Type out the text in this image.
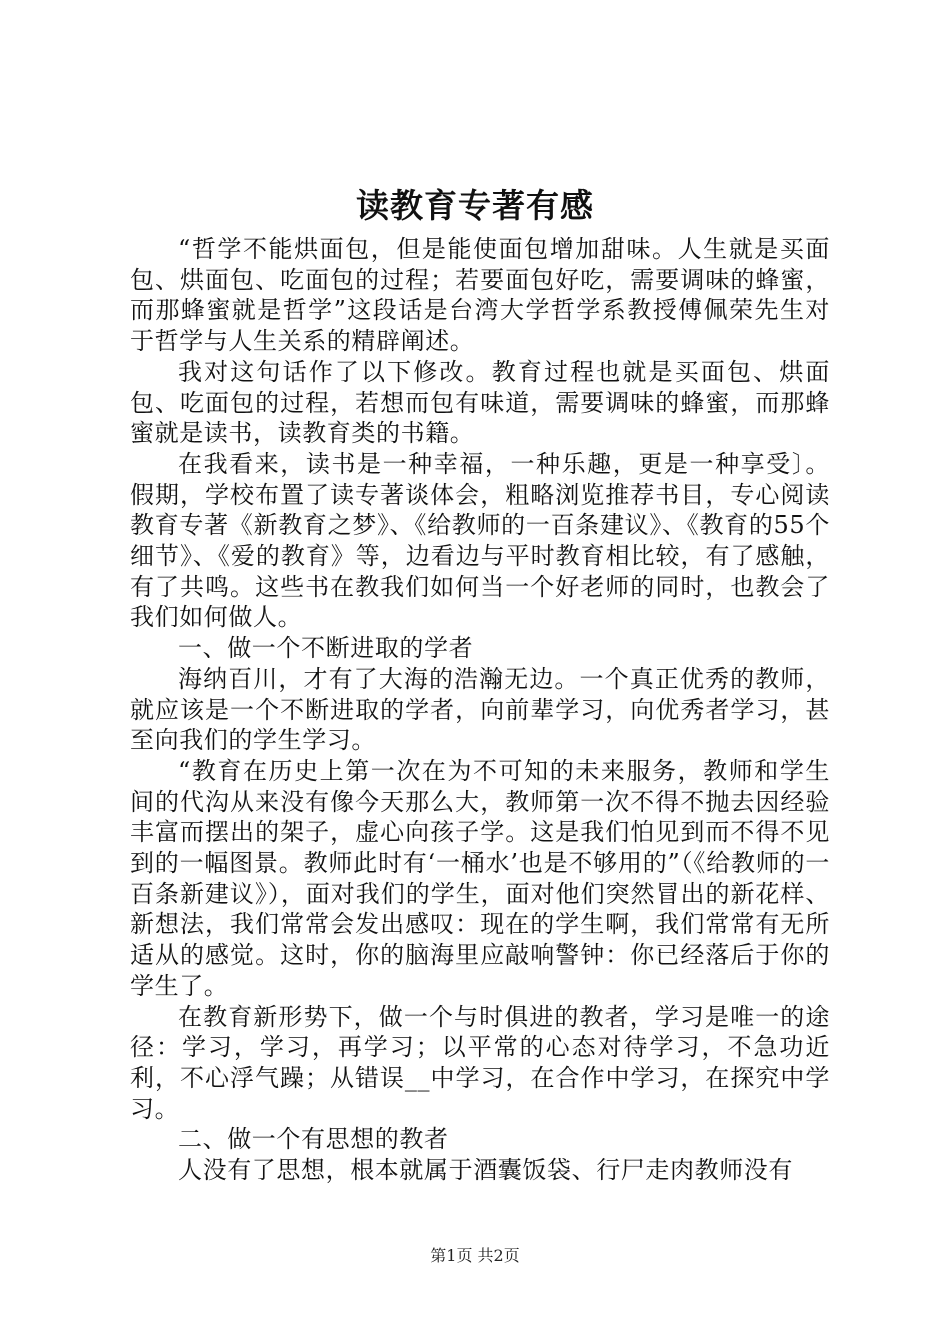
读教育专著有感

“哲学不能烘面包，但是能使面包增加甜味。人生就是买面包、烘面包、吃面包的过程；若要面包好吃，需要调味的蜂蜜，而那蜂蜜就是哲学”这段话是台湾大学哲学系教授傅佩荣先生对于哲学与人生关系的精辟阐述。

我对这句话作了以下修改。教育过程也就是买面包、烘面包、吃面包的过程，若想而包有味道，需要调味的蜂蜜，而那蜂蜜就是读书，读教育类的书籍。

在我看来，读书是一种幸福，一种乐趣，更是一种享受〕。假期，学校布置了读专著谈体会，粗略浏览推荐书目，专心阅读教育专著《新教育之梦》、《给教师的一百条建议》、《教育的55个细节》、《爱的教育》等，边看边与平时教育相比较，有了感触，有了共鸣。这些书在教我们如何当一个好老师的同时，也教会了我们如何做人。

一、做一个不断进取的学者

海纳百川，才有了大海的浩瀚无边。一个真正优秀的教师，就应该是一个不断进取的学者，向前辈学习，向优秀者学习，甚至向我们的学生学习。

“教育在历史上第一次在为不可知的未来服务，教师和学生间的代沟从来没有像今天那么大，教师第一次不得不抛去因经验丰富而摆出的架子，虚心向孩子学。这是我们怕见到而不得不见到的一幅图景。教师此时有‘一桶水’也是不够用的”（《给教师的一百条新建议》），面对我们的学生，面对他们突然冒出的新花样、新想法，我们常常会发出感叹：现在的学生啊，我们常常有无所适从的感觉。这时，你的脑海里应敲响警钟：你已经落后于你的学生了。

在教育新形势下，做一个与时俱进的教者，学习是唯一的途径：学习，学习，再学习；以平常的心态对待学习，不急功近利，不心浮气躁；从错误__中学习，在合作中学习，在探究中学习。

二、做一个有思想的教者

人没有了思想，根本就属于酒囊饭袋、行尸走肉教师没有

第1页 共2页
